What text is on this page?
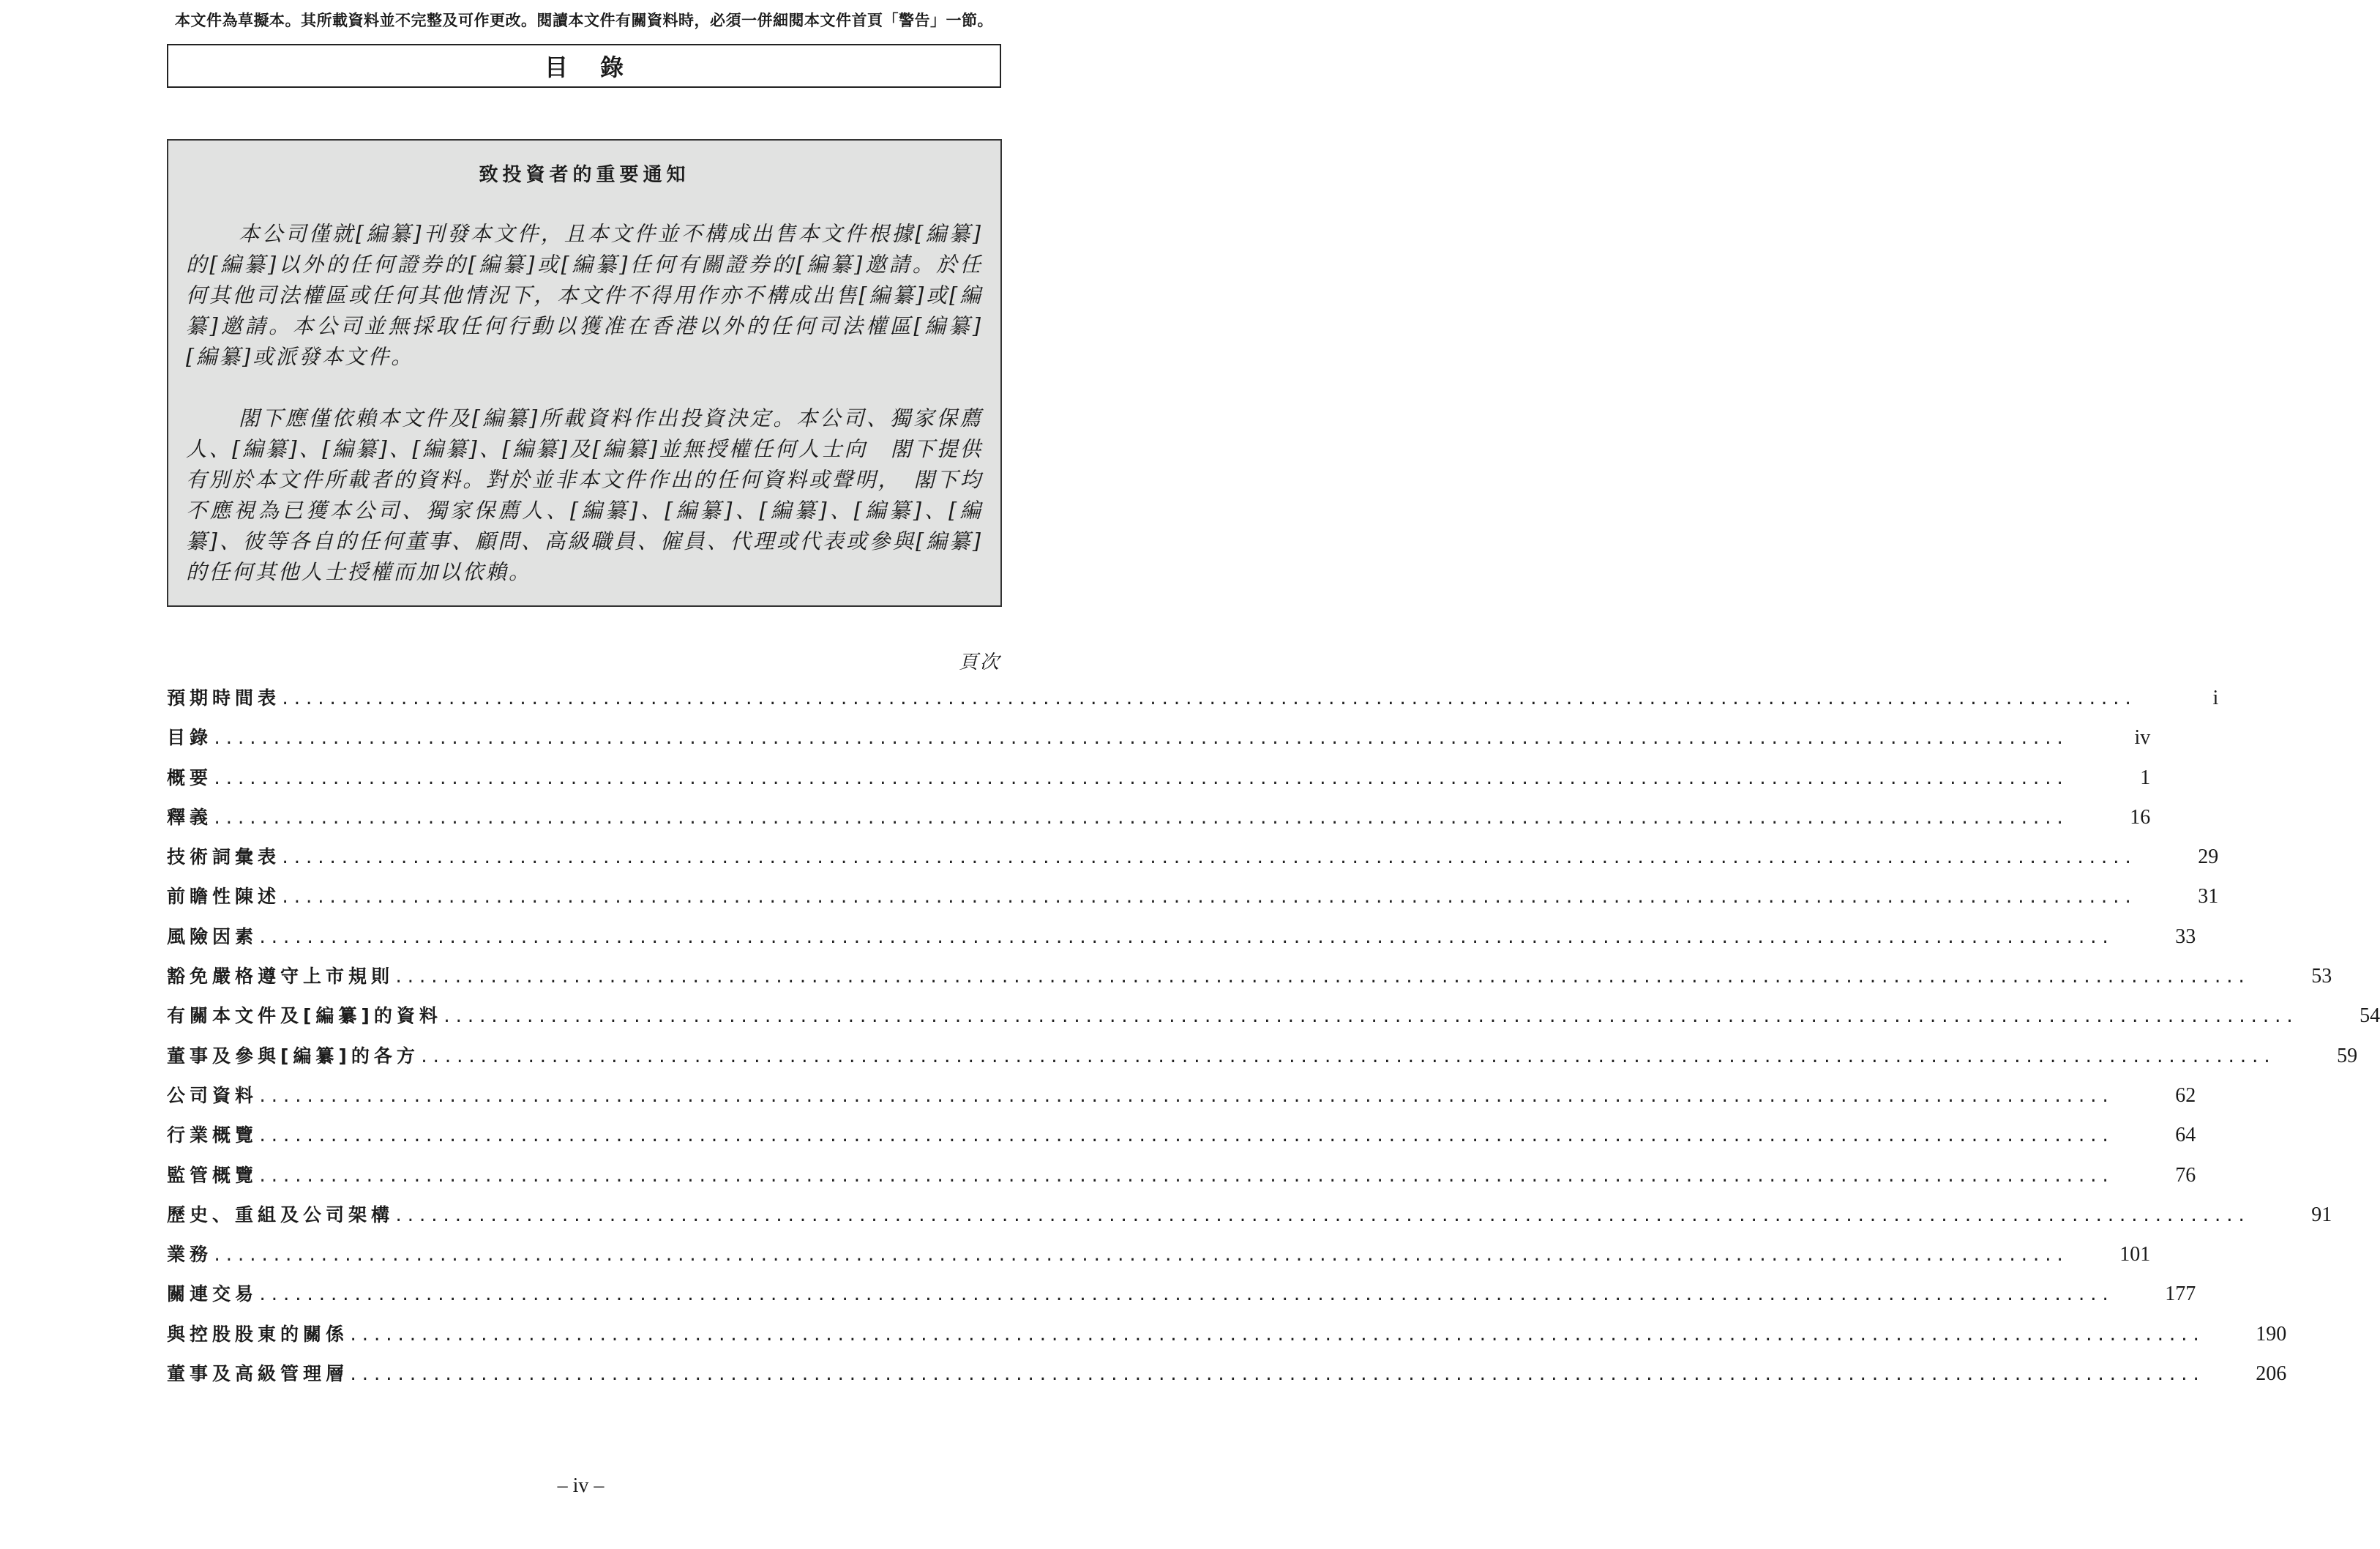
本文件為草擬本。其所載資料並不完整及可作更改。閱讀本文件有關資料時，必須一併細閱本文件首頁「警告」一節。
目錄
致投資者的重要通知

本公司僅就[編纂]刊發本文件，且本文件並不構成出售本文件根據[編纂]的[編纂]以外的任何證券的[編纂]或[編纂]任何有關證券的[編纂]邀請。於任何其他司法權區或任何其他情況下，本文件不得用作亦不構成出售[編纂]或[編纂]邀請。本公司並無採取任何行動以獲准在香港以外的任何司法權區[編纂][編纂]或派發本文件。

閣下應僅依賴本文件及[編纂]所載資料作出投資決定。本公司、獨家保薦人、[編纂]、[編纂]、[編纂]、[編纂]及[編纂]並無授權任何人士向　閣下提供有別於本文件所載者的資料。對於並非本文件作出的任何資料或聲明，　閣下均不應視為已獲本公司、獨家保薦人、[編纂]、[編纂]、[編纂]、[編纂]、[編纂]、彼等各自的任何董事、顧問、高級職員、僱員、代理或代表或參與[編纂]的任何其他人士授權而加以依賴。

頁次
預期時間表 ............................................................................................................................................................	i
目錄 ............................................................................................................................................................	iv
概要 ............................................................................................................................................................	1
釋義 ............................................................................................................................................................	16
技術詞彙表 ............................................................................................................................................................	29
前瞻性陳述 ............................................................................................................................................................	31
風險因素 ............................................................................................................................................................	33
豁免嚴格遵守上市規則 ............................................................................................................................................................	53
有關本文件及[編纂]的資料 ............................................................................................................................................................	54
董事及參與[編纂]的各方 ............................................................................................................................................................	59
公司資料 ............................................................................................................................................................	62
行業概覽 ............................................................................................................................................................	64
監管概覽 ............................................................................................................................................................	76
歷史、重組及公司架構 ............................................................................................................................................................	91
業務 ............................................................................................................................................................	101
關連交易 ............................................................................................................................................................	177
與控股股東的關係 ............................................................................................................................................................	190
董事及高級管理層 ............................................................................................................................................................	206
– iv –
